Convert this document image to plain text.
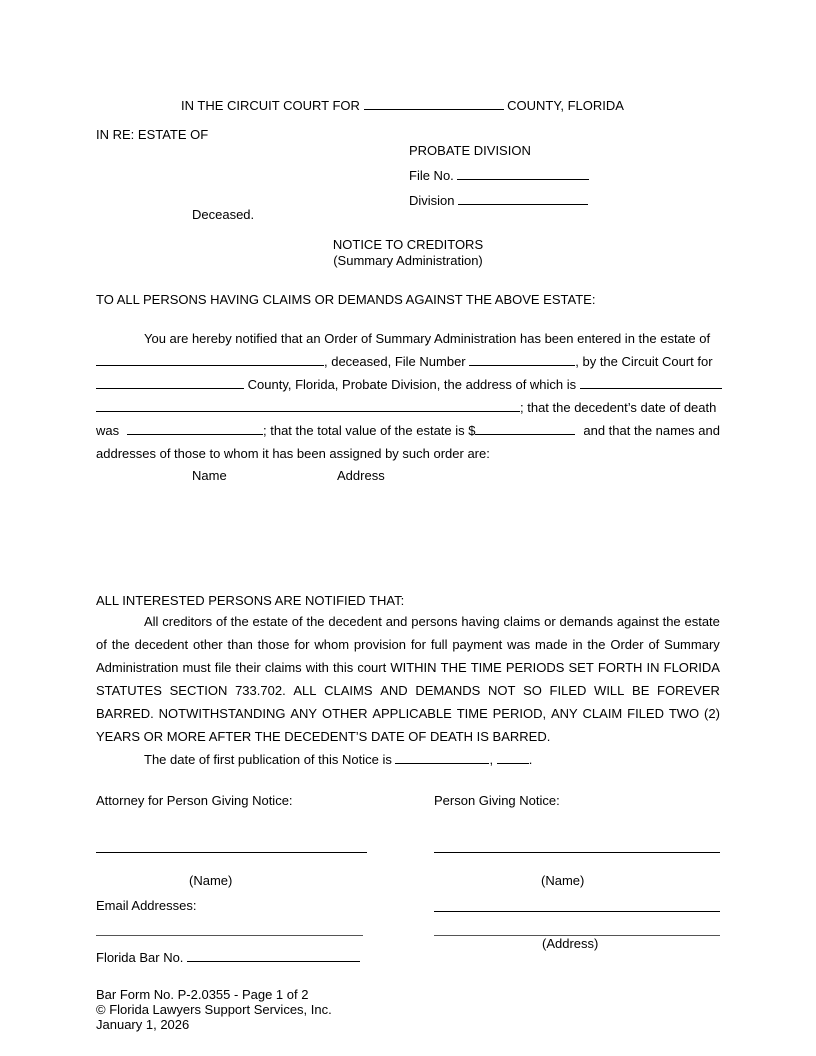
IN THE CIRCUIT COURT FOR	COUNTY, FLORIDA
IN RE: ESTATE OF
PROBATE DIVISION
File No.
Division
Deceased.
NOTICE TO CREDITORS
(Summary Administration)
TO ALL PERSONS HAVING CLAIMS OR DEMANDS AGAINST THE ABOVE ESTATE:
You are hereby notified that an Order of Summary Administration has been entered in the estate of
, deceased, File Number	, by the Circuit Court for
County, Florida, Probate Division, the address of which is
; that the decedent’s date of death
was	; that the total value of the estate is $	and that the names and
addresses of those to whom it has been assigned by such order are:
Name	Address
ALL INTERESTED PERSONS ARE NOTIFIED THAT:
All creditors of the estate of the decedent and persons having claims or demands against the estate
of the decedent other than those for whom provision for full payment was made in the Order of Summary
Administration must file their claims with this court WITHIN THE TIME PERIODS SET FORTH IN FLORIDA
STATUTES SECTION 733.702. ALL CLAIMS AND DEMANDS NOT SO FILED WILL BE FOREVER
BARRED. NOTWITHSTANDING ANY OTHER APPLICABLE TIME PERIOD, ANY CLAIM FILED TWO (2)
YEARS OR MORE AFTER THE DECEDENT’S DATE OF DEATH IS BARRED.
The date of first publication of this Notice is	,	.
Attorney for Person Giving Notice:	Person Giving Notice:
(Name)	(Name)
Email Addresses:
(Address)
Florida Bar No.
Bar Form No. P-2.0355 - Page 1 of 2
© Florida Lawyers Support Services, Inc.
January 1, 2026
